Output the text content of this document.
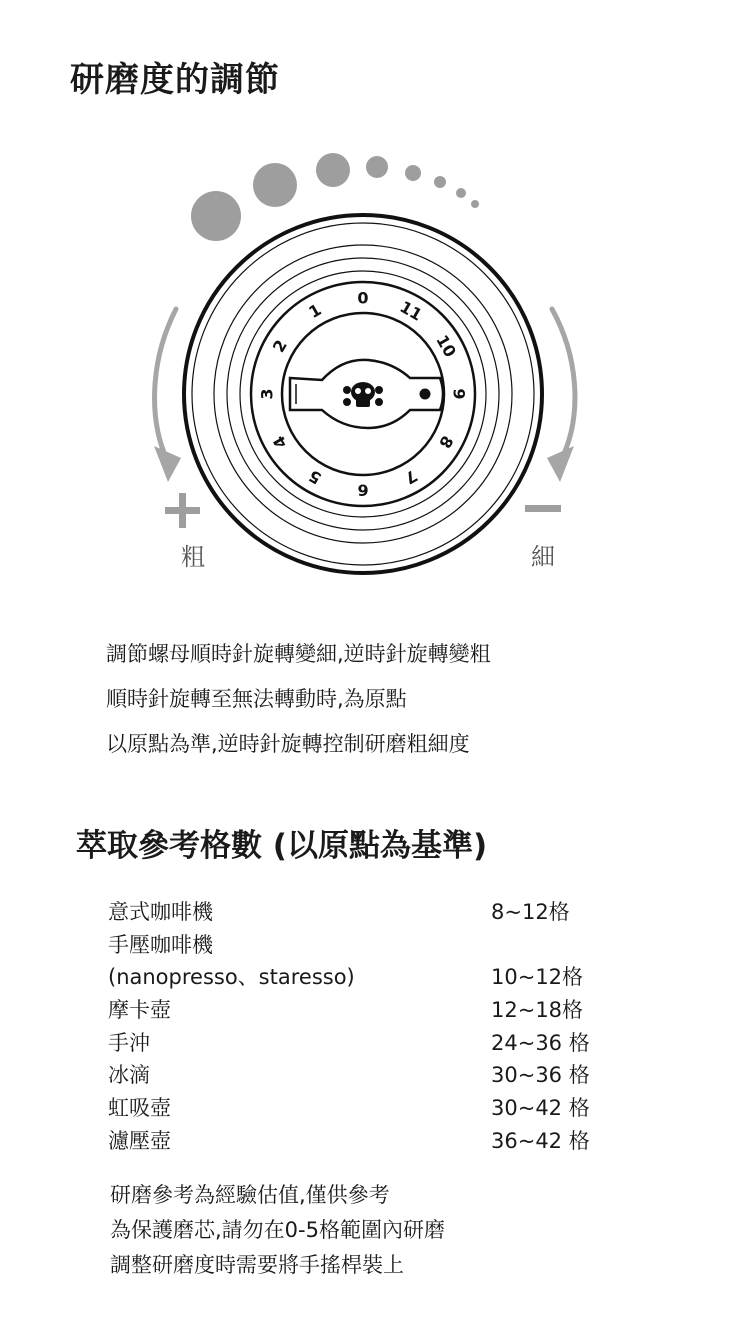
研磨度的調節
0
1
2
3
4
5
6
7
8
9
10
11
粗	細

調節螺母順時針旋轉變細,逆時針旋轉變粗

順時針旋轉至無法轉動時,為原點

以原點為準,逆時針旋轉控制研磨粗細度

萃取參考格數 (以原點為基準)
意式咖啡機	8~12格
手壓咖啡機
(nanopresso、staresso)	10~12格
摩卡壺	12~18格
手沖	24~36 格
冰滴	30~36 格
虹吸壺	30~42 格
濾壓壺	36~42 格

研磨參考為經驗估值,僅供參考

為保護磨芯,請勿在0-5格範圍內研磨

調整研磨度時需要將手搖桿裝上
